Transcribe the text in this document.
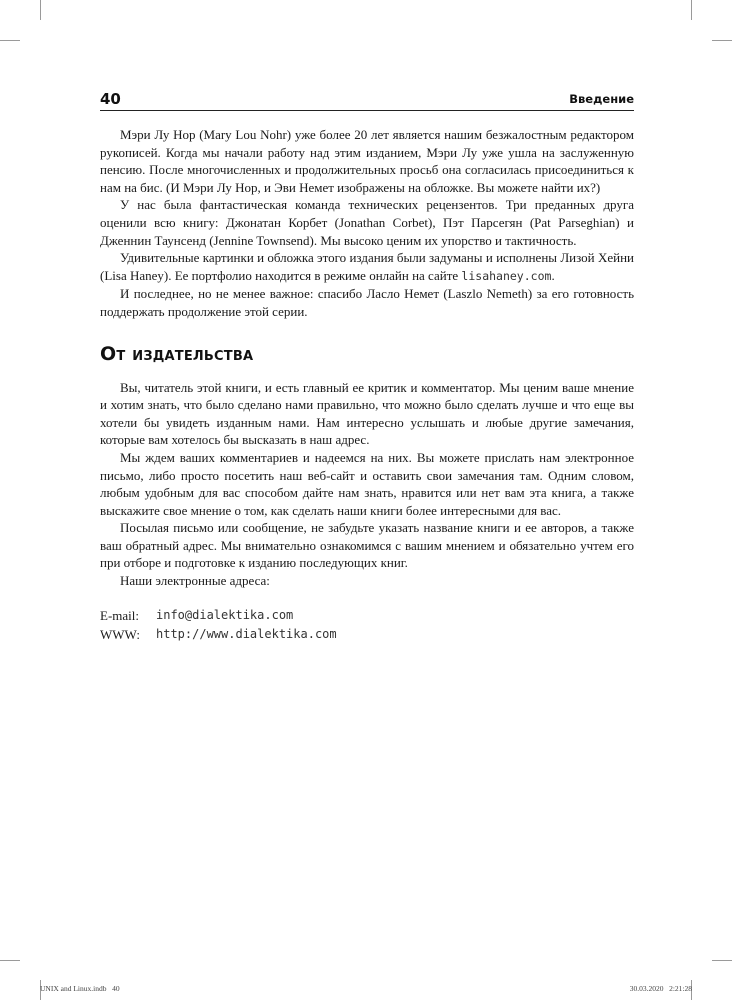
40	Введение

Мэри Лу Нор (Mary Lou Nohr) уже более 20 лет является нашим безжалостным редактором рукописей. Когда мы начали работу над этим изданием, Мэри Лу уже ушла на заслуженную пенсию. После многочисленных и продолжительных просьб она согласилась присоединиться к нам на бис. (И Мэри Лу Нор, и Эви Немет изображены на обложке. Вы можете найти их?)

У нас была фантастическая команда технических рецензентов. Три преданных друга оценили всю книгу: Джонатан Корбет (Jonathan Corbet), Пэт Парсегян (Pat Parseghian) и Дженнин Таунсенд (Jennine Townsend). Мы высоко ценим их упорство и тактичность.

Удивительные картинки и обложка этого издания были задуманы и исполнены Лизой Хейни (Lisa Haney). Ее портфолио находится в режиме онлайн на сайте lisahaney.com.

И последнее, но не менее важное: спасибо Ласло Немет (Laszlo Nemeth) за его готовность поддержать продолжение этой серии.

От издательства

Вы, читатель этой книги, и есть главный ее критик и комментатор. Мы ценим ваше мнение и хотим знать, что было сделано нами правильно, что можно было сделать лучше и что еще вы хотели бы увидеть изданным нами. Нам интересно услышать и любые другие замечания, которые вам хотелось бы высказать в наш адрес.

Мы ждем ваших комментариев и надеемся на них. Вы можете прислать нам электронное письмо, либо просто посетить наш веб-сайт и оставить свои замечания там. Одним словом, любым удобным для вас способом дайте нам знать, нравится или нет вам эта книга, а также выскажите свое мнение о том, как сделать наши книги более интересными для вас.

Посылая письмо или сообщение, не забудьте указать название книги и ее авторов, а также ваш обратный адрес. Мы внимательно ознакомимся с вашим мнением и обязательно учтем его при отборе и подготовке к изданию последующих книг.

Наши электронные адреса:

E-mail:	info@dialektika.com
WWW:	http://www.dialektika.com
UNIX and Linux.indb   40	30.03.2020   2:21:28
